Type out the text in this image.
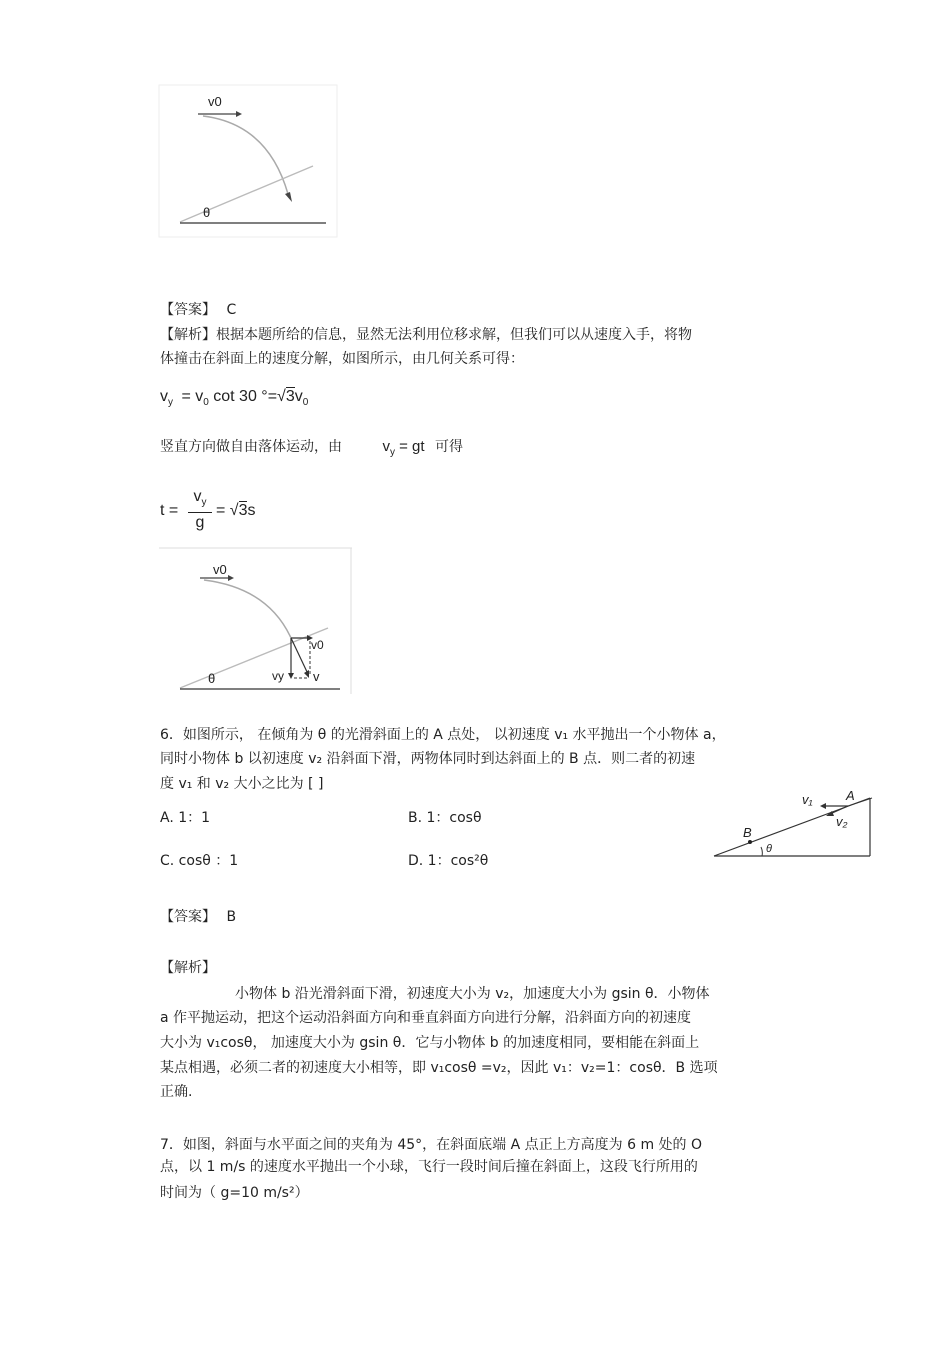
v0
θ
【答案】 C
【解析】根据本题所给的信息，显然无法利用位移求解，但我们可以从速度入手，将物
体撞击在斜面上的速度分解，如图所示，由几何关系可得：
$v_y = v_0$ cot 30 $^\circ=√3v_0$
竖直方向做自由落体运动，由	$v_y$ = gt 可得
t =
$v_y$
g
= √3s
v0
v0
vy v
θ
6．如图所示， 在倾角为 θ 的光滑斜面上的 A 点处， 以初速度 v₁ 水平抛出一个小物体 a，
同时小物体 b 以初速度 v₂ 沿斜面下滑，两物体同时到达斜面上的 B 点．则二者的初速
度 v₁ 和 v₂ 大小之比为 [ ]
A. 1：1	B. 1：cosθ
C. cosθ ：1	D. 1：cos²θ
v₁	A
v₂
B
θ
【答案】 B
【解析】
小物体 b 沿光滑斜面下滑，初速度大小为 v₂，加速度大小为 gsin θ．小物体
a 作平抛运动，把这个运动沿斜面方向和垂直斜面方向进行分解，沿斜面方向的初速度
大小为 v₁cosθ， 加速度大小为 gsin θ．它与小物体 b 的加速度相同，要相能在斜面上
某点相遇，必须二者的初速度大小相等，即 v₁cosθ =v₂，因此 v₁：v₂=1：cosθ．B 选项
正确.
7．如图，斜面与水平面之间的夹角为 45°，在斜面底端 A 点正上方高度为 6 m 处的 O
点，以 1 m/s 的速度水平抛出一个小球，飞行一段时间后撞在斜面上，这段飞行所用的
时间为（ g=10 m/s²）
